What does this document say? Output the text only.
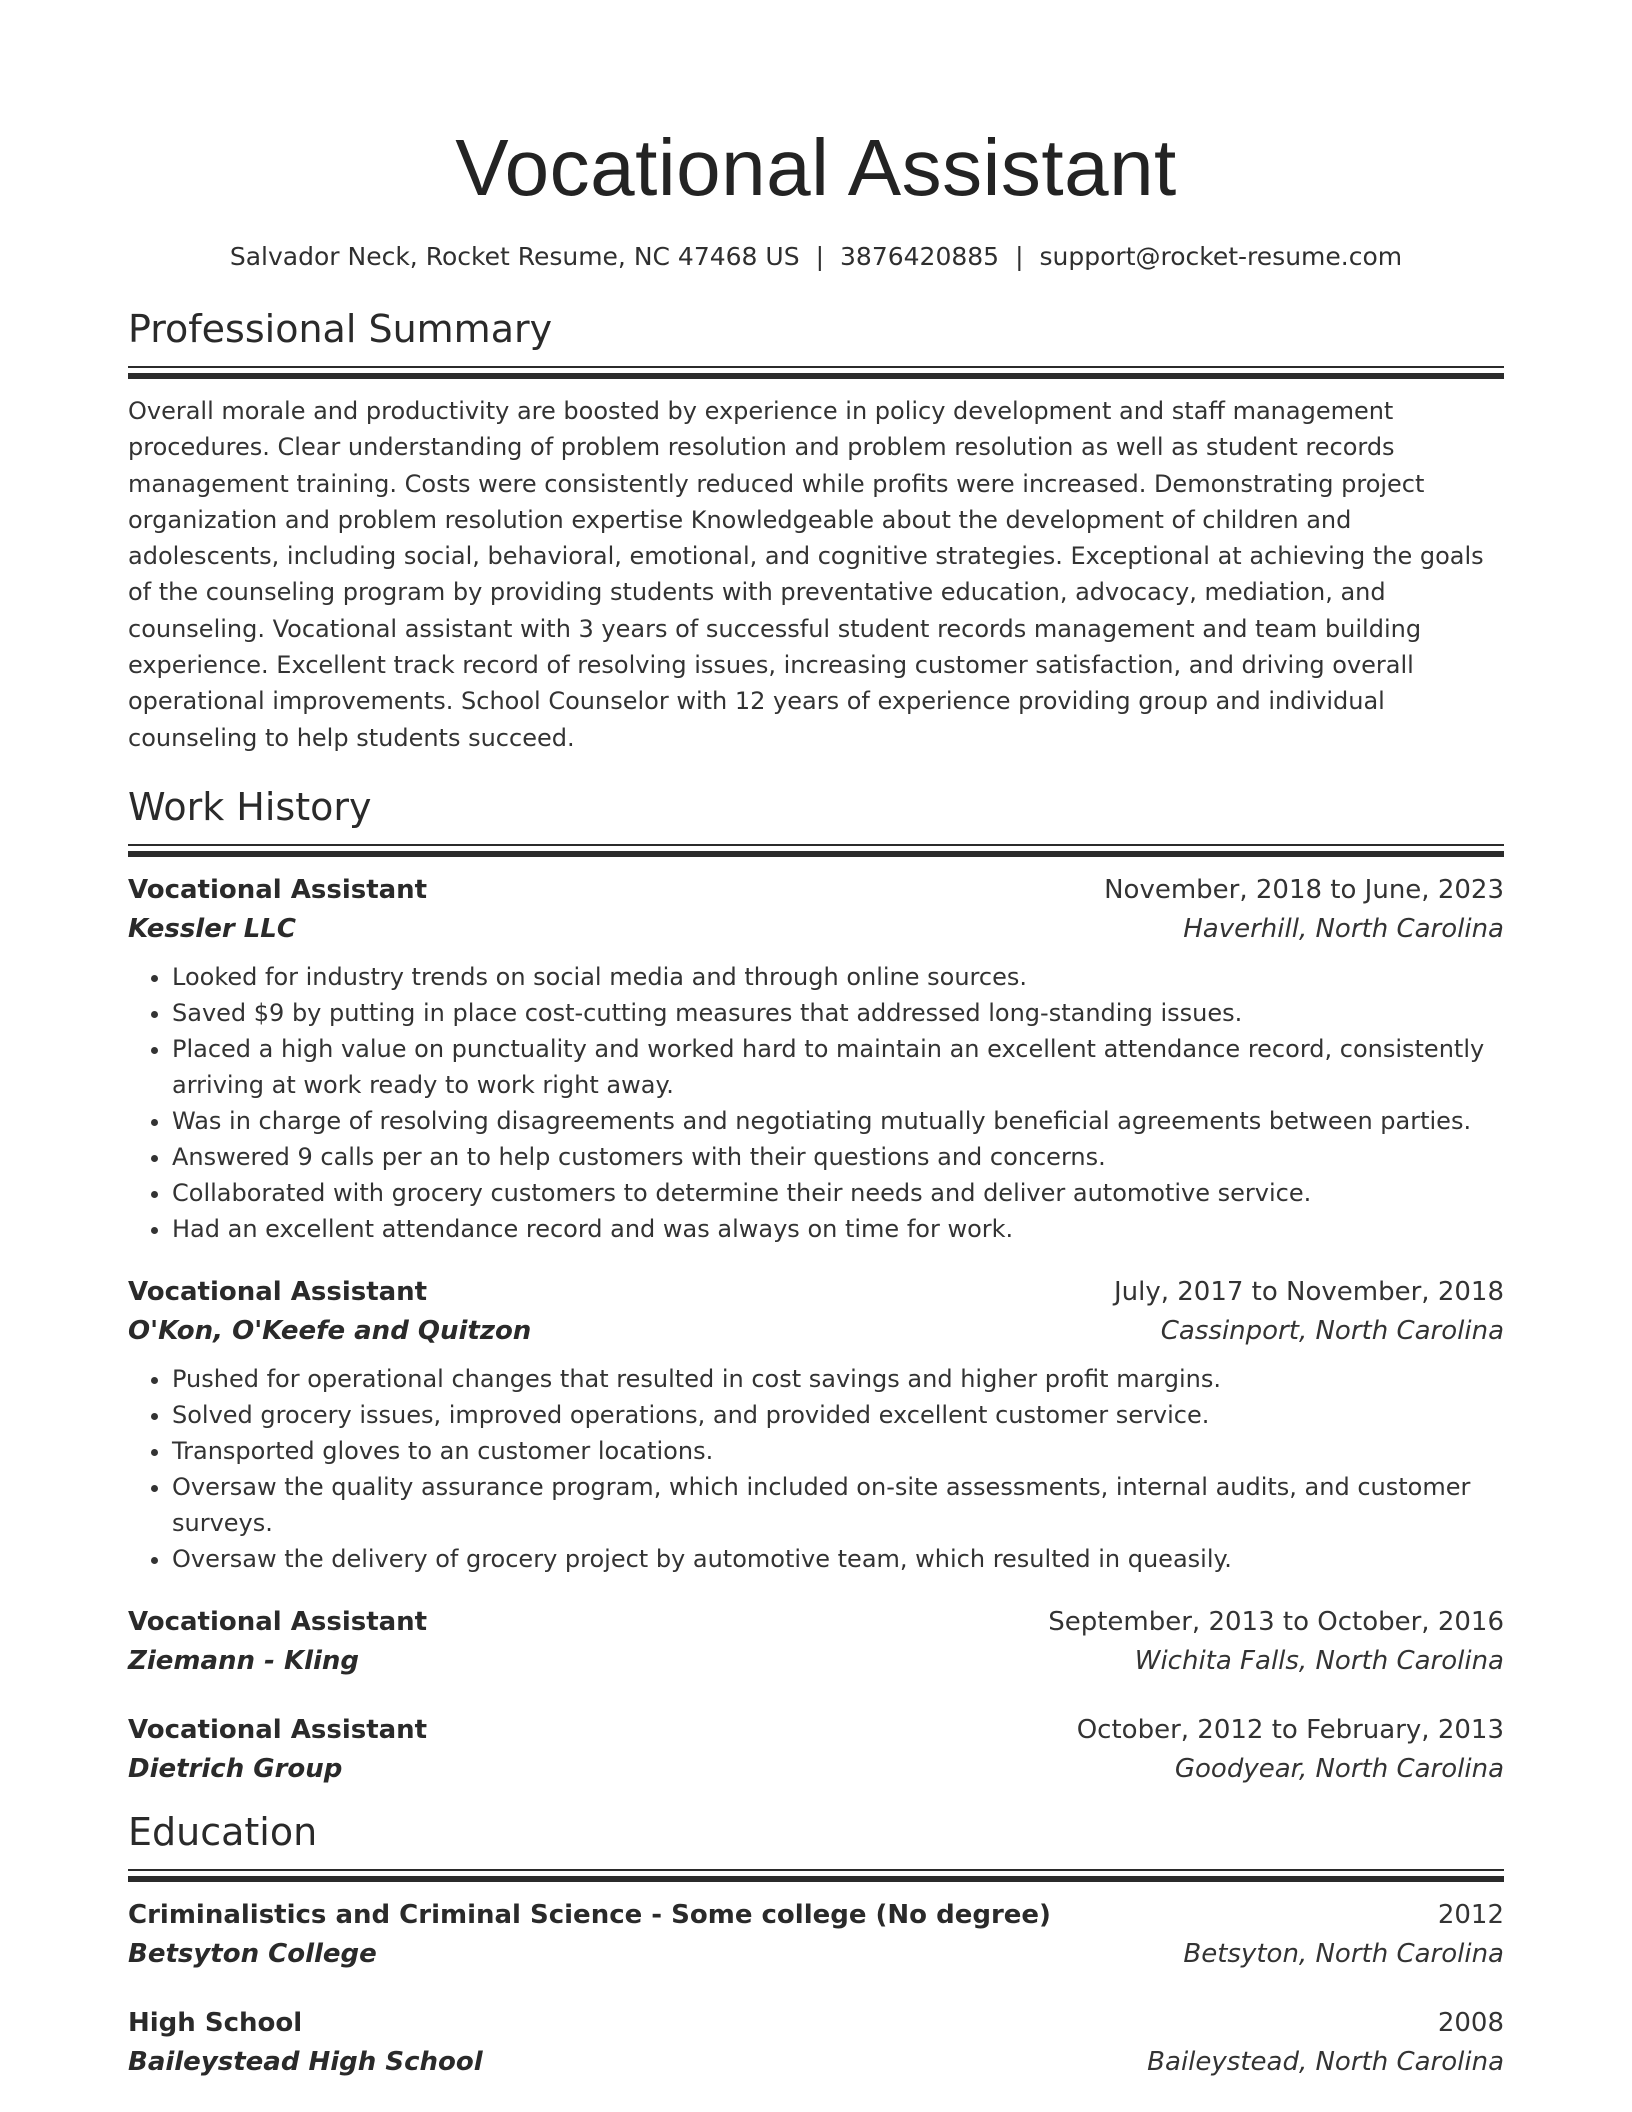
Vocational Assistant
Salvador Neck, Rocket Resume, NC 47468 US | 3876420885 | support@rocket-resume.com
Professional Summary
Overall morale and productivity are boosted by experience in policy development and staff management procedures. Clear understanding of problem resolution and problem resolution as well as student records management training. Costs were consistently reduced while profits were increased. Demonstrating project organization and problem resolution expertise Knowledgeable about the development of children and adolescents, including social, behavioral, emotional, and cognitive strategies. Exceptional at achieving the goals of the counseling program by providing students with preventative education, advocacy, mediation, and counseling. Vocational assistant with 3 years of successful student records management and team building experience. Excellent track record of resolving issues, increasing customer satisfaction, and driving overall operational improvements. School Counselor with 12 years of experience providing group and individual counseling to help students succeed.
Work History
Vocational Assistant	November, 2018 to June, 2023
Kessler LLC	Haverhill, North Carolina
• Looked for industry trends on social media and through online sources.
• Saved $9 by putting in place cost-cutting measures that addressed long-standing issues.
• Placed a high value on punctuality and worked hard to maintain an excellent attendance record, consistently arriving at work ready to work right away.
• Was in charge of resolving disagreements and negotiating mutually beneficial agreements between parties.
• Answered 9 calls per an to help customers with their questions and concerns.
• Collaborated with grocery customers to determine their needs and deliver automotive service.
• Had an excellent attendance record and was always on time for work.
Vocational Assistant	July, 2017 to November, 2018
O'Kon, O'Keefe and Quitzon	Cassinport, North Carolina
• Pushed for operational changes that resulted in cost savings and higher profit margins.
• Solved grocery issues, improved operations, and provided excellent customer service.
• Transported gloves to an customer locations.
• Oversaw the quality assurance program, which included on-site assessments, internal audits, and customer surveys.
• Oversaw the delivery of grocery project by automotive team, which resulted in queasily.
Vocational Assistant	September, 2013 to October, 2016
Ziemann - Kling	Wichita Falls, North Carolina
Vocational Assistant	October, 2012 to February, 2013
Dietrich Group	Goodyear, North Carolina
Education
Criminalistics and Criminal Science - Some college (No degree)	2012
Betsyton College	Betsyton, North Carolina
High School	2008
Baileystead High School	Baileystead, North Carolina
